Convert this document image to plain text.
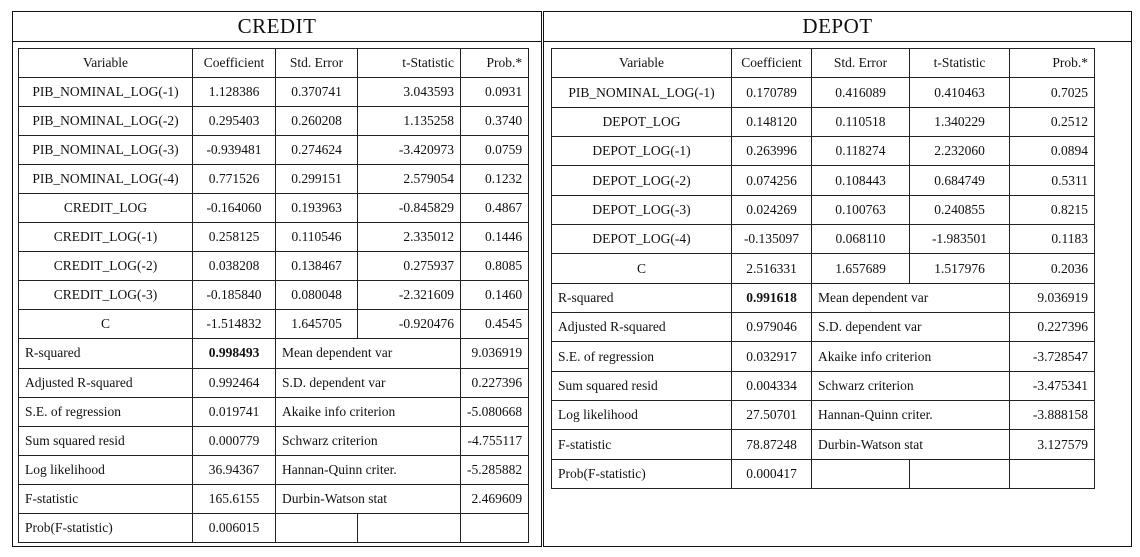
CREDIT
Variable	Coefficient	Std. Error	t-Statistic	Prob.*
PIB_NOMINAL_LOG(-1)	1.128386	0.370741	3.043593	0.0931
PIB_NOMINAL_LOG(-2)	0.295403	0.260208	1.135258	0.3740
PIB_NOMINAL_LOG(-3)	-0.939481	0.274624	-3.420973	0.0759
PIB_NOMINAL_LOG(-4)	0.771526	0.299151	2.579054	0.1232
CREDIT_LOG	-0.164060	0.193963	-0.845829	0.4867
CREDIT_LOG(-1)	0.258125	0.110546	2.335012	0.1446
CREDIT_LOG(-2)	0.038208	0.138467	0.275937	0.8085
CREDIT_LOG(-3)	-0.185840	0.080048	-2.321609	0.1460
C	-1.514832	1.645705	-0.920476	0.4545
R-squared	0.998493	Mean dependent var		9.036919
Adjusted R-squared	0.992464	S.D. dependent var		0.227396
S.E. of regression	0.019741	Akaike info criterion		-5.080668
Sum squared resid	0.000779	Schwarz criterion		-4.755117
Log likelihood	36.94367	Hannan-Quinn criter.		-5.285882
F-statistic	165.6155	Durbin-Watson stat		2.469609
Prob(F-statistic)	0.006015			
DEPOT
Variable	Coefficient	Std. Error	t-Statistic	Prob.*
PIB_NOMINAL_LOG(-1)	0.170789	0.416089	0.410463	0.7025
DEPOT_LOG	0.148120	0.110518	1.340229	0.2512
DEPOT_LOG(-1)	0.263996	0.118274	2.232060	0.0894
DEPOT_LOG(-2)	0.074256	0.108443	0.684749	0.5311
DEPOT_LOG(-3)	0.024269	0.100763	0.240855	0.8215
DEPOT_LOG(-4)	-0.135097	0.068110	-1.983501	0.1183
C	2.516331	1.657689	1.517976	0.2036
R-squared	0.991618	Mean dependent var		9.036919
Adjusted R-squared	0.979046	S.D. dependent var		0.227396
S.E. of regression	0.032917	Akaike info criterion		-3.728547
Sum squared resid	0.004334	Schwarz criterion		-3.475341
Log likelihood	27.50701	Hannan-Quinn criter.		-3.888158
F-statistic	78.87248	Durbin-Watson stat		3.127579
Prob(F-statistic)	0.000417			
